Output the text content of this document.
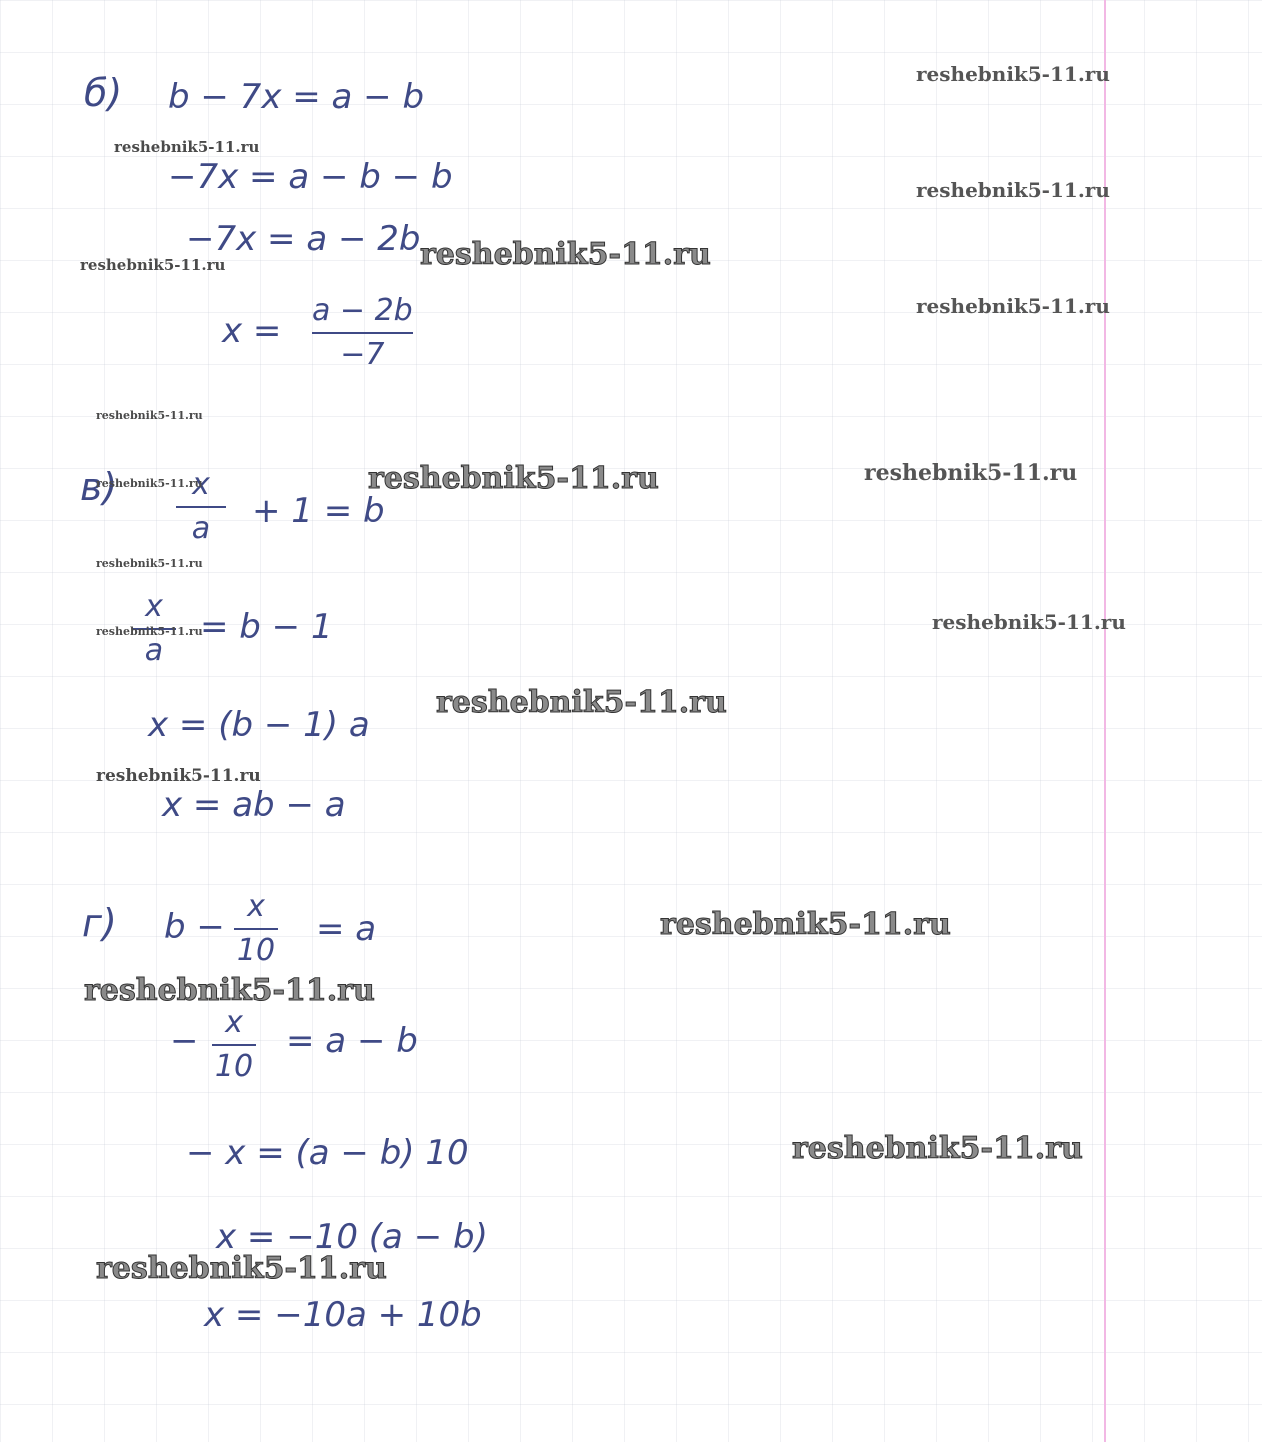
б) b − 7x = a − b
−7x = a − b − b
−7x = a − 2b
x =
a − 2b
−7
в) x
a + 1 = b
x
a
= b − 1
x = (b − 1) a
x = ab − a
г) b −
x
10
= a
− x
10
= a − b
− x = (a − b) 10
x = −10 (a − b)
x = −10a + 10b
reshebnik5-11.ru
reshebnik5-11.ru
reshebnik5-11.ru
reshebnik5-11.ru
reshebnik5-11.ru
reshebnik5-11.ru
reshebnik5-11.ru
reshebnik5-11.ru	reshebnik5-11.ru
reshebnik5-11.ru
reshebnik5-11.ru
reshebnik5-11.ru
reshebnik5-11.ru
reshebnik5-11.ru
reshebnik5-11.ru
reshebnik5-11.ru
reshebnik5-11.ru
reshebnik5-11.ru
reshebnik5-11.ru
